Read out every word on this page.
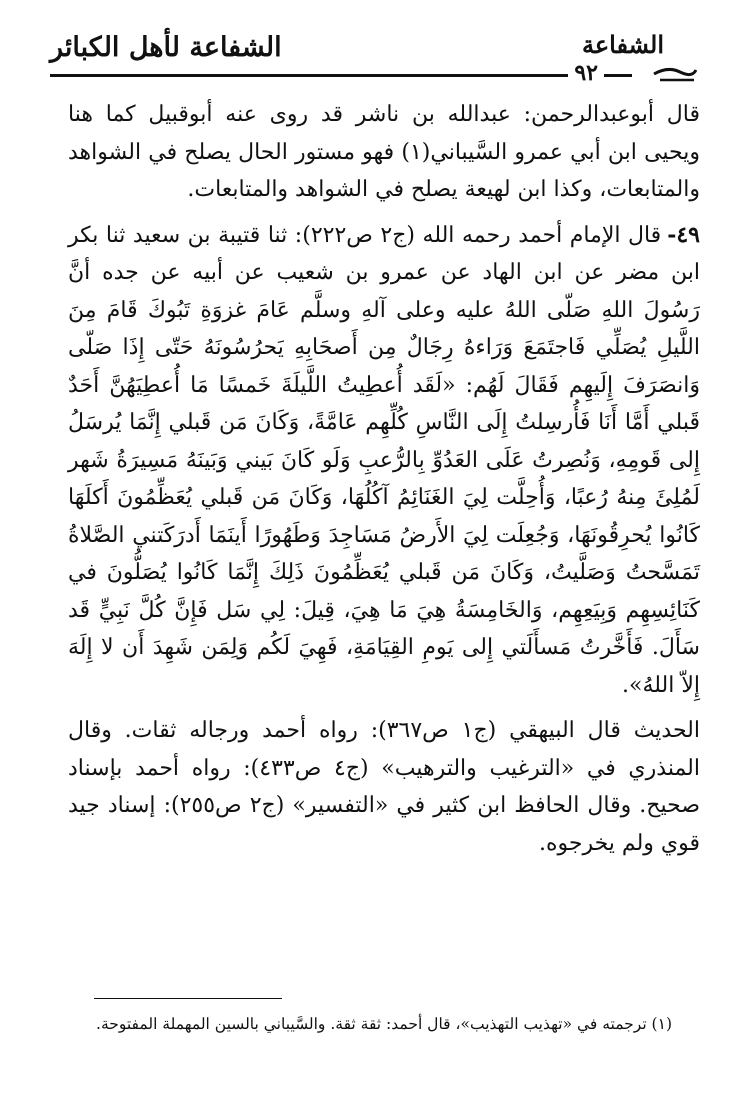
الشفاعة لأهل الكبائر	الشفاعة
٩٢

قال أبوعبدالرحمن: عبدالله بن ناشر قد روى عنه أبوقبيل كما هنا ويحيى ابن أبي عمرو السَّيباني(١) فهو مستور الحال يصلح في الشواهد والمتابعات، وكذا ابن لهيعة يصلح في الشواهد والمتابعات.

٤٩-قال الإمام أحمد رحمه الله (ج٢ ص٢٢٢): ثنا قتيبة بن سعيد ثنا بكر ابن مضر عن ابن الهاد عن عمرو بن شعيب عن أبيه عن جده أنَّ رَسُولَ اللهِ صَلّى اللهُ عليه وعلى آلهِ وسلَّم عَامَ غزوَةِ تَبُوكَ قَامَ مِنَ اللَّيلِ يُصَلِّي فَاجتَمَعَ وَرَاءهُ رِجَالٌ مِن أَصحَابِهِ يَحرُسُونَهُ حَتّى إِذَا صَلّى وَانصَرَفَ إِلَيهِم فَقَالَ لَهُم: «لَقَد أُعطِيتُ اللَّيلَةَ خَمسًا مَا أُعطِيَهُنَّ أَحَدٌ قَبلي أَمَّا أَنَا فَأُرسِلتُ إِلَى النَّاسِ كُلِّهِم عَامَّةً، وَكَانَ مَن قَبلي إِنَّمَا يُرسَلُ إِلى قَومِهِ، وَنُصِرتُ عَلَى العَدُوِّ بِالرُّعبِ وَلَو كَانَ بَيني وَبَينَهُ مَسِيرَةُ شَهر لَمُلِئَ مِنهُ رُعبًا، وَأُحِلَّت لِيَ الغَنَائِمُ آكُلُهَا، وَكَانَ مَن قَبلي يُعَظِّمُونَ أَكلَهَا كَانُوا يُحرِقُونَهَا، وَجُعِلَت لِيَ الأَرضُ مَسَاجِدَ وَطَهُورًا أَينَمَا أَدرَكَتني الصَّلاةُ تَمَسَّحتُ وَصَلَّيتُ، وَكَانَ مَن قَبلي يُعَظِّمُونَ ذَلِكَ إِنَّمَا كَانُوا يُصَلُّونَ في كَنَائِسِهِم وَبِيَعِهِم، وَالخَامِسَةُ هِيَ مَا هِيَ، قِيلَ: لِي سَل فَإِنَّ كُلَّ نَبِيٍّ قَد سَأَلَ. فَأَخَّرتُ مَسأَلَتي إِلى يَومِ القِيَامَةِ، فَهِيَ لَكُم وَلِمَن شَهِدَ أَن لا إِلَهَ إِلاّ اللهُ».

الحديث قال البيهقي (ج١ ص٣٦٧): رواه أحمد ورجاله ثقات. وقال المنذري في «الترغيب والترهيب» (ج٤ ص٤٣٣): رواه أحمد بإسناد صحيح. وقال الحافظ ابن كثير في «التفسير» (ج٢ ص٢٥٥): إسناد جيد قوي ولم يخرجوه.

(١) ترجمته في «تهذيب التهذيب»، قال أحمد: ثقة ثقة. والسَّيباني بالسين المهملة المفتوحة.
